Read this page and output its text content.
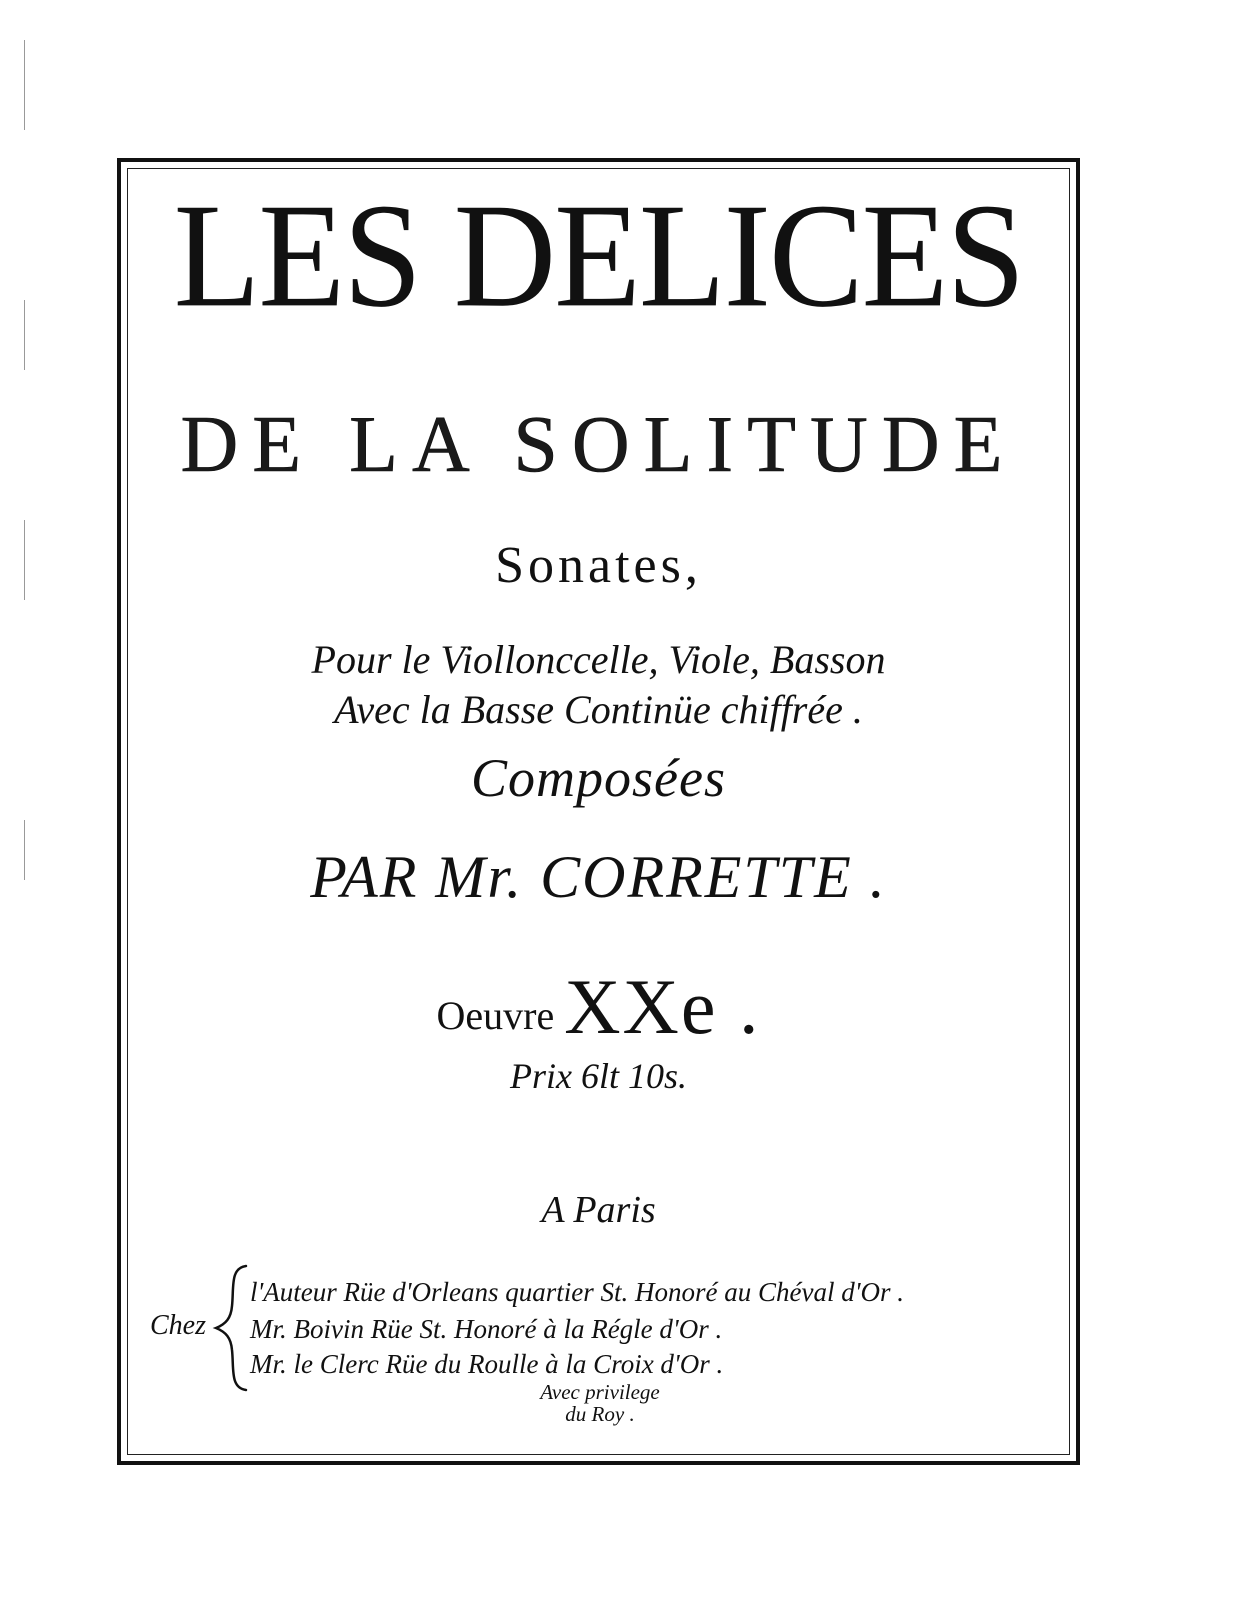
LES DELICES
DE LA SOLITUDE
Sonates,
Pour le Viollonccelle, Viole, Basson
Avec la Basse Continüe chiffrée .
Composées
PAR Mr. CORRETTE .
Oeuvre XXe .
Prix 6lt 10s.
A Paris
Chez
l'Auteur Rüe d'Orleans quartier St. Honoré au Chéval d'Or .
Mr. Boivin Rüe St. Honoré à la Régle d'Or .
Mr. le Clerc Rüe du Roulle à la Croix d'Or .
Avec privilege
du Roy .
